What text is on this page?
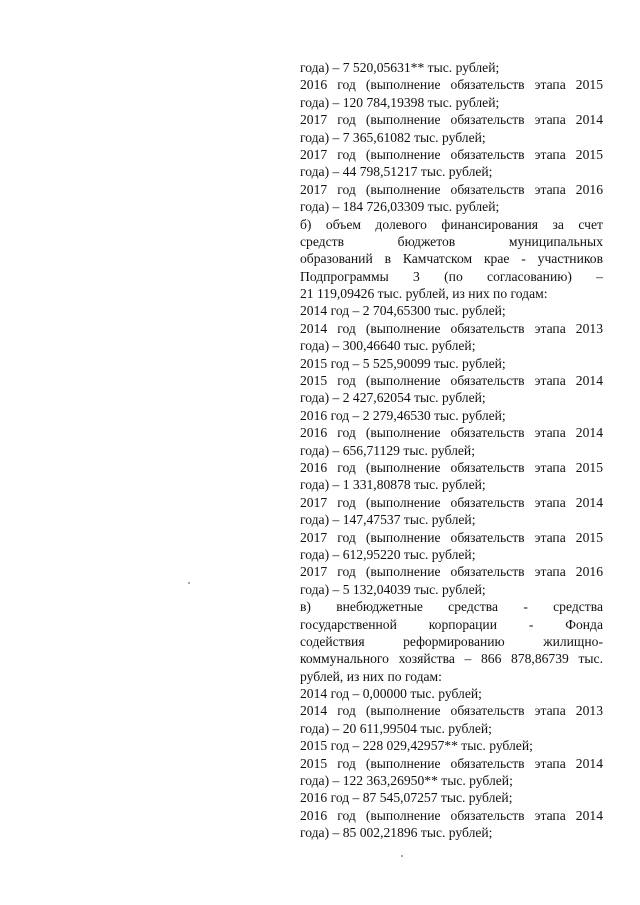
года) – 7 520,05631** тыс. рублей;
2016 год (выполнение обязательств этапа 2015
года) – 120 784,19398 тыс. рублей;
2017 год (выполнение обязательств этапа 2014
года) – 7 365,61082 тыс. рублей;
2017 год (выполнение обязательств этапа 2015
года) – 44 798,51217 тыс. рублей;
2017 год (выполнение обязательств этапа 2016
года) – 184 726,03309 тыс. рублей;
б) объем долевого финансирования за счет
средств бюджетов муниципальных
образований в Камчатском крае - участников
Подпрограммы 3 (по согласованию) –
21 119,09426 тыс. рублей, из них по годам:
2014 год – 2 704,65300 тыс. рублей;
2014 год (выполнение обязательств этапа 2013
года) – 300,46640 тыс. рублей;
2015 год – 5 525,90099 тыс. рублей;
2015 год (выполнение обязательств этапа 2014
года) – 2 427,62054 тыс. рублей;
2016 год – 2 279,46530 тыс. рублей;
2016 год (выполнение обязательств этапа 2014
года) – 656,71129 тыс. рублей;
2016 год (выполнение обязательств этапа 2015
года) – 1 331,80878 тыс. рублей;
2017 год (выполнение обязательств этапа 2014
года) – 147,47537 тыс. рублей;
2017 год (выполнение обязательств этапа 2015
года) – 612,95220 тыс. рублей;
2017 год (выполнение обязательств этапа 2016
года) – 5 132,04039 тыс. рублей;
в) внебюджетные средства - средства
государственной корпорации - Фонда
содействия реформированию жилищно-
коммунального хозяйства – 866 878,86739 тыс.
рублей, из них по годам:
2014 год – 0,00000 тыс. рублей;
2014 год (выполнение обязательств этапа 2013
года) – 20 611,99504 тыс. рублей;
2015 год – 228 029,42957** тыс. рублей;
2015 год (выполнение обязательств этапа 2014
года) – 122 363,26950** тыс. рублей;
2016 год – 87 545,07257 тыс. рублей;
2016 год (выполнение обязательств этапа 2014
года) – 85 002,21896 тыс. рублей;
